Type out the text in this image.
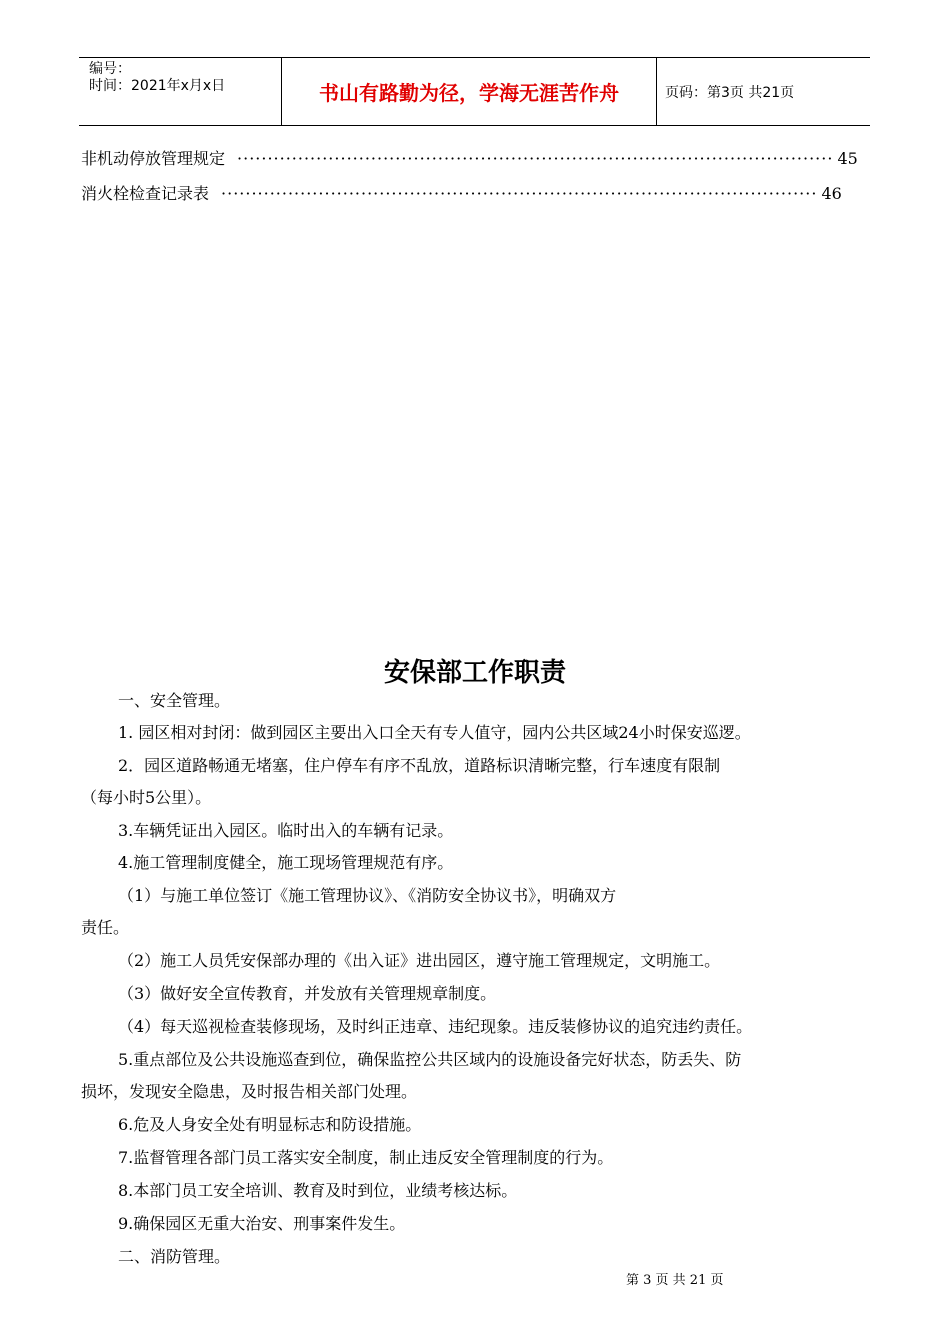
编号：
时间：2021年x月x日	书山有路勤为径，学海无涯苦作舟	页码：第3页 共21页
非机动停放管理规定 ·································································································· 45
消火栓检查记录表 ·································································································· 46
安保部工作职责
一、安全管理。
1. 园区相对封闭：做到园区主要出入口全天有专人值守，园内公共区域24小时保安巡逻。
2．园区道路畅通无堵塞，住户停车有序不乱放，道路标识清晰完整，行车速度有限制
（每小时5公里）。
3.车辆凭证出入园区。临时出入的车辆有记录。
4.施工管理制度健全，施工现场管理规范有序。
（1）与施工单位签订《施工管理协议》、《消防安全协议书》，明确双方
责任。
（2）施工人员凭安保部办理的《出入证》进出园区，遵守施工管理规定，文明施工。
（3）做好安全宣传教育，并发放有关管理规章制度。
（4）每天巡视检查装修现场，及时纠正违章、违纪现象。违反装修协议的追究违约责任。
5.重点部位及公共设施巡查到位，确保监控公共区域内的设施设备完好状态，防丢失、防
损坏，发现安全隐患，及时报告相关部门处理。
6.危及人身安全处有明显标志和防设措施。
7.监督管理各部门员工落实安全制度，制止违反安全管理制度的行为。
8.本部门员工安全培训、教育及时到位，业绩考核达标。
9.确保园区无重大治安、刑事案件发生。
二、消防管理。
第 3 页 共 21 页
